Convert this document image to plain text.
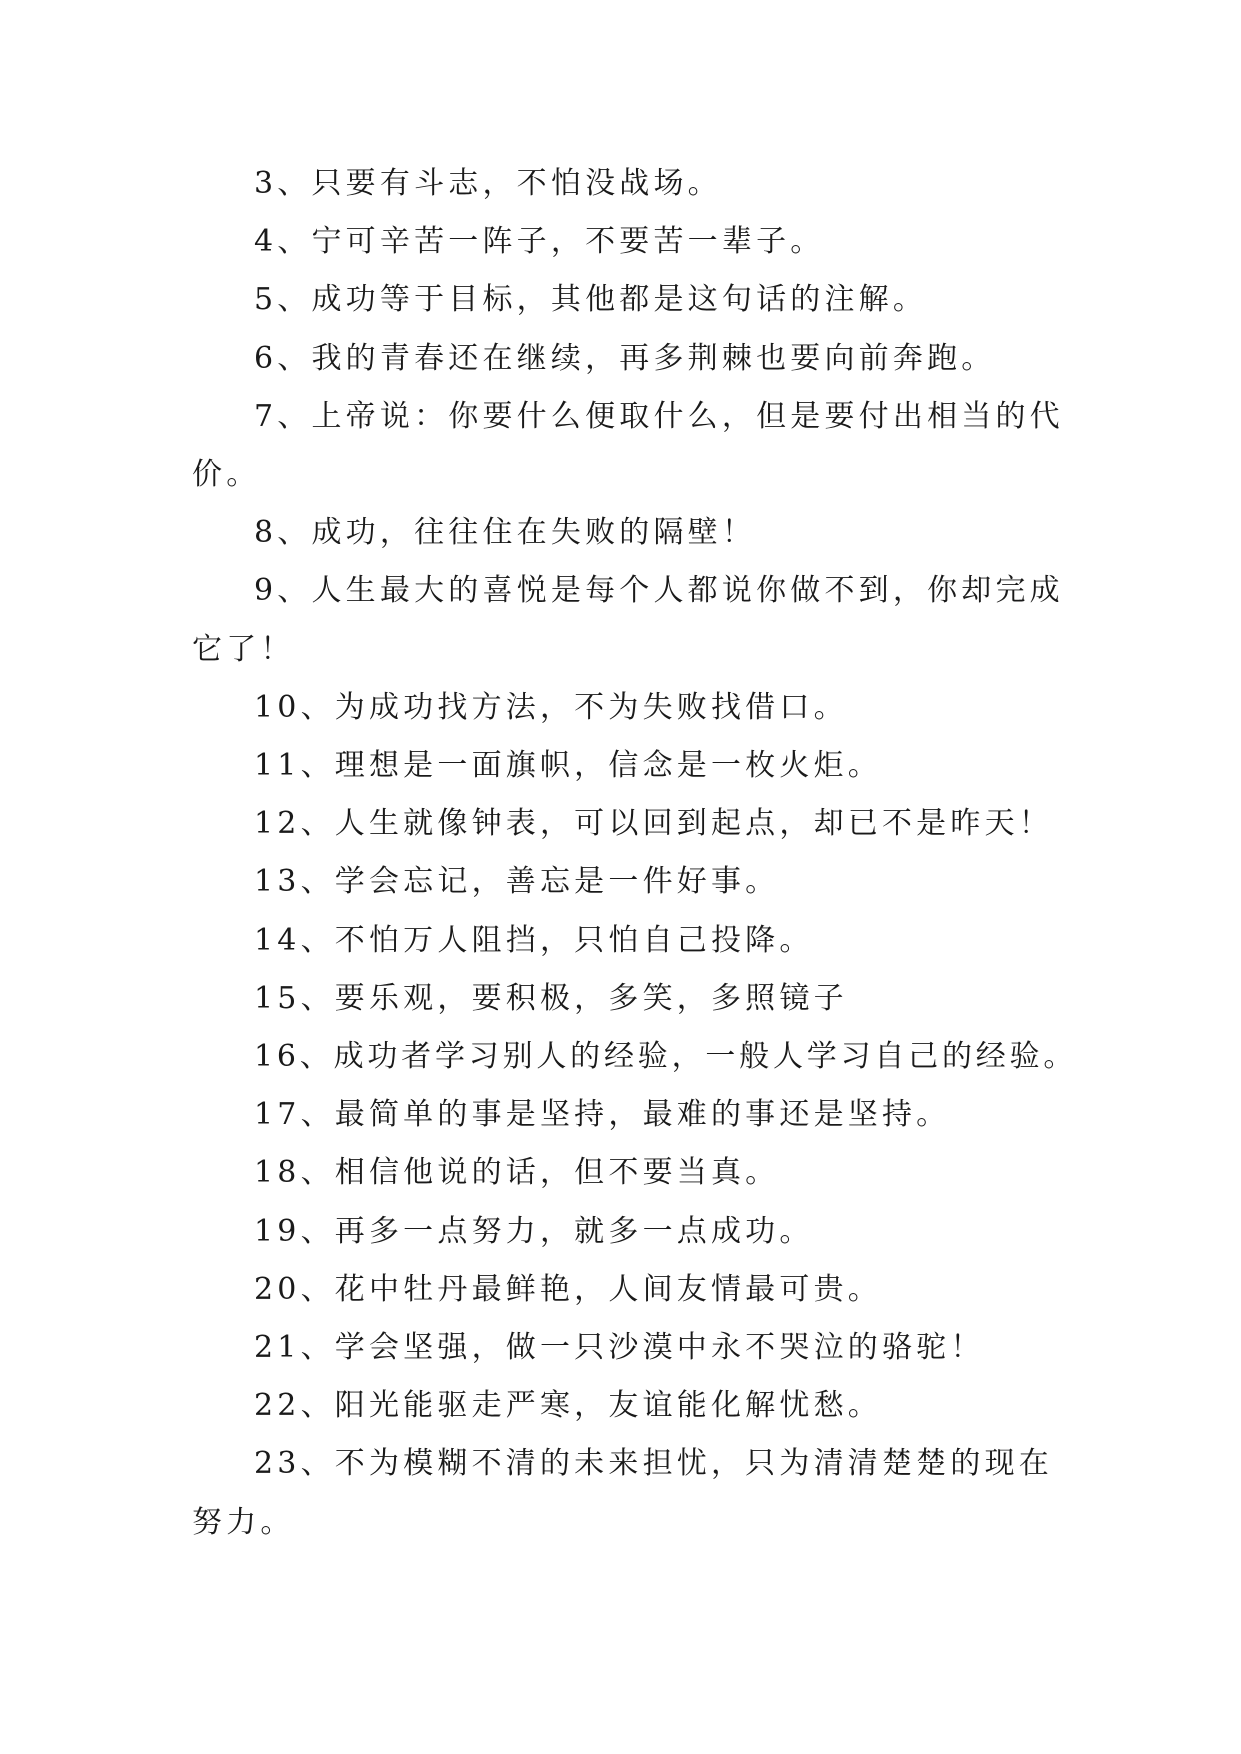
3、只要有斗志，不怕没战场。

4、宁可辛苦一阵子，不要苦一辈子。

5、成功等于目标，其他都是这句话的注解。

6、我的青春还在继续，再多荆棘也要向前奔跑。

7、上帝说：你要什么便取什么，但是要付出相当的代价。

8、成功，往往住在失败的隔壁！

9、人生最大的喜悦是每个人都说你做不到，你却完成它了！

10、为成功找方法，不为失败找借口。

11、理想是一面旗帜，信念是一枚火炬。

12、人生就像钟表，可以回到起点，却已不是昨天！

13、学会忘记，善忘是一件好事。

14、不怕万人阻挡，只怕自己投降。

15、要乐观，要积极，多笑，多照镜子

16、成功者学习别人的经验，一般人学习自己的经验。

17、最简单的事是坚持，最难的事还是坚持。

18、相信他说的话，但不要当真。

19、再多一点努力，就多一点成功。

20、花中牡丹最鲜艳，人间友情最可贵。

21、学会坚强，做一只沙漠中永不哭泣的骆驼！

22、阳光能驱走严寒，友谊能化解忧愁。

23、不为模糊不清的未来担忧，只为清清楚楚的现在努力。
